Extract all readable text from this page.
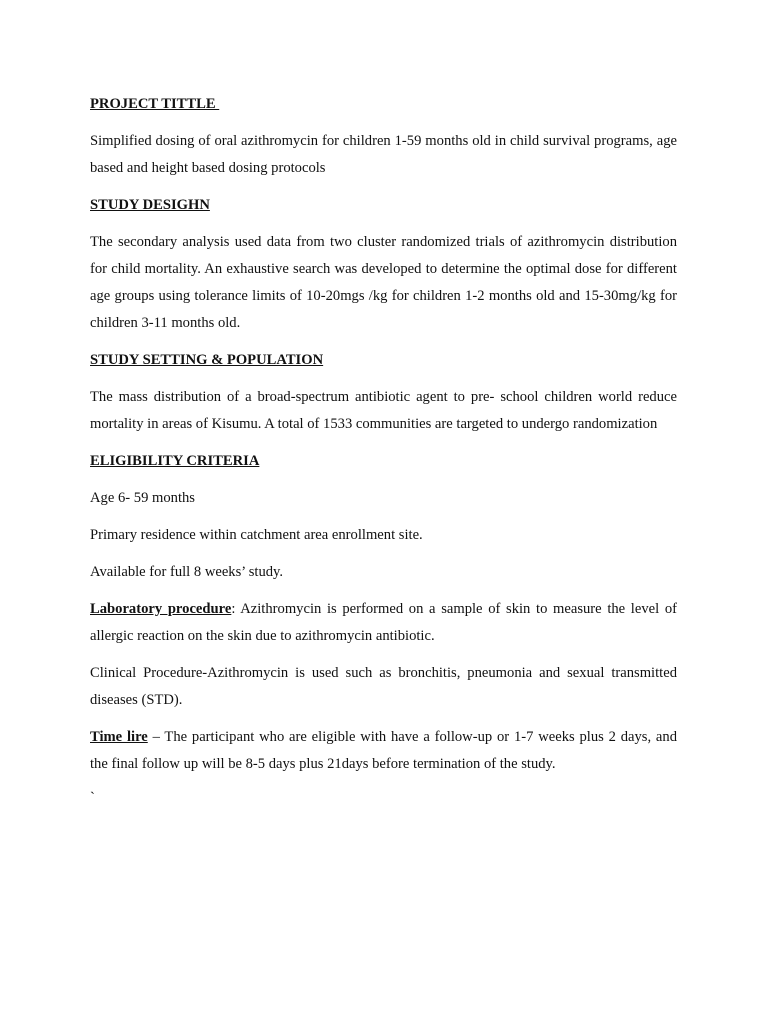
PROJECT TITTLE

Simplified dosing of oral azithromycin for children 1-59 months old in child survival programs, age based and height based dosing protocols

STUDY DESIGHN

The secondary analysis used data from two cluster randomized trials of azithromycin distribution for child mortality. An exhaustive search was developed to determine the optimal dose for different age groups using tolerance limits of 10-20mgs /kg for children 1-2 months old and 15-30mg/kg for children 3-11 months old.

STUDY SETTING & POPULATION

The mass distribution of a broad-spectrum antibiotic agent to pre- school children world reduce mortality in areas of Kisumu. A total of 1533 communities are targeted to undergo randomization

ELIGIBILITY CRITERIA

Age 6- 59 months

Primary residence within catchment area enrollment site.

Available for full 8 weeks’ study.

Laboratory procedure: Azithromycin is performed on a sample of skin to measure the level of allergic reaction on the skin due to azithromycin antibiotic.

Clinical Procedure-Azithromycin is used such as bronchitis, pneumonia and sexual transmitted diseases (STD).

Time lire – The participant who are eligible with have a follow-up or 1-7 weeks plus 2 days, and the final follow up will be 8-5 days plus 21days before termination of the study.

`
